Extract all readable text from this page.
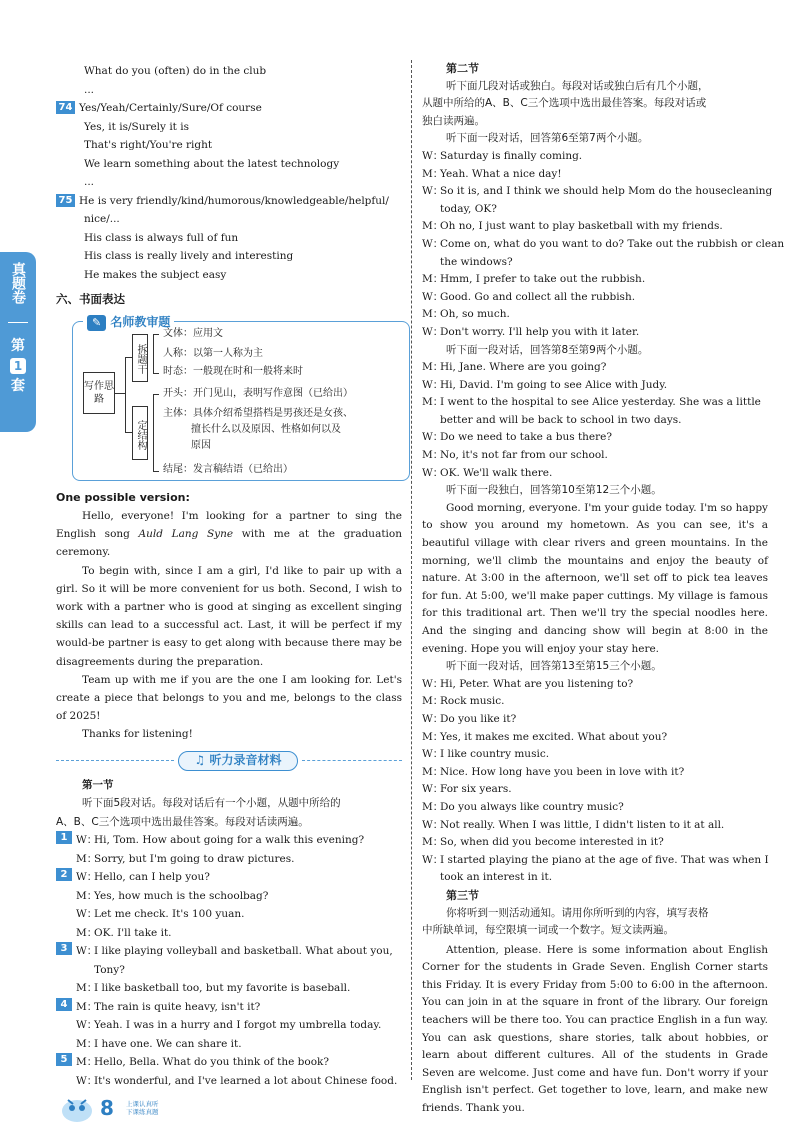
真题卷
第
1
套
What do you (often) do in the club
...
74 Yes/Yeah/Certainly/Sure/Of course
Yes, it is/Surely it is
That's right/You're right
We learn something about the latest technology
...
75 He is very friendly/kind/humorous/knowledgeable/helpful/
nice/...
His class is always full of fun
His class is really lively and interesting
He makes the subject easy
六、书面表达
✎ 名师教审题
写作思路
拆题干
定结构
文体：应用文
人称：以第一人称为主
时态：一般现在时和一般将来时
开头：开门见山，表明写作意图（已给出）
主体：具体介绍希望搭档是男孩还是女孩、
擅长什么以及原因、性格如何以及
原因
结尾：发言稿结语（已给出）
One possible version:

Hello, everyone! I'm looking for a partner to sing the English song Auld Lang Syne with me at the graduation ceremony.

To begin with, since I am a girl, I'd like to pair up with a girl. So it will be more convenient for us both. Second, I wish to work with a partner who is good at singing as excellent singing skills can lead to a successful act. Last, it will be perfect if my would-be partner is easy to get along with because there may be disagreements during the preparation.

Team up with me if you are the one I am looking for. Let's create a piece that belongs to you and me, belongs to the class of 2025!

Thanks for listening!

♫ 听力录音材料
第一节
听下面5段对话。每段对话后有一个小题，从题中所给的
A、B、C三个选项中选出最佳答案。每段对话读两遍。
1 W：
Hi, Tom. How about going for a walk this evening?
M：
Sorry, but I'm going to draw pictures.
2 W：
Hello, can I help you?
M：
Yes, how much is the schoolbag?
W：
Let me check. It's 100 yuan.
M：
OK. I'll take it.
3 W：
I like playing volleyball and basketball. What about you,
Tony?
M：
I like basketball too, but my favorite is baseball.
4 M：
The rain is quite heavy, isn't it?
W：
Yeah. I was in a hurry and I forgot my umbrella today.
M：
I have one. We can share it.
5 M：
Hello, Bella. What do you think of the book?
W：
It's wonderful, and I've learned a lot about Chinese food.
第二节
听下面几段对话或独白。每段对话或独白后有几个小题，
从题中所给的A、B、C三个选项中选出最佳答案。每段对话或
独白读两遍。
听下面一段对话，回答第6至第7两个小题。
W：
Saturday is finally coming.
M：
Yeah. What a nice day!
W：
So it is, and I think we should help Mom do the housecleaning
today, OK?
M：
Oh no, I just want to play basketball with my friends.
W：
Come on, what do you want to do? Take out the rubbish or clean
the windows?
M：
Hmm, I prefer to take out the rubbish.
W：
Good. Go and collect all the rubbish.
M：
Oh, so much.
W：
Don't worry. I'll help you with it later.
听下面一段对话，回答第8至第9两个小题。
M：
Hi, Jane. Where are you going?
W：
Hi, David. I'm going to see Alice with Judy.
M：
I went to the hospital to see Alice yesterday. She was a little
better and will be back to school in two days.
W：
Do we need to take a bus there?
M：
No, it's not far from our school.
W：
OK. We'll walk there.
听下面一段独白，回答第10至第12三个小题。
Good morning, everyone. I'm your guide today. I'm so happy to show you around my hometown. As you can see, it's a beautiful village with clear rivers and green mountains. In the morning, we'll climb the mountains and enjoy the beauty of nature. At 3:00 in the afternoon, we'll set off to pick tea leaves for fun. At 5:00, we'll make paper cuttings. My village is famous for this traditional art. Then we'll try the special noodles here. And the singing and dancing show will begin at 8:00 in the evening. Hope you will enjoy your stay here.
听下面一段对话，回答第13至第15三个小题。
W：
Hi, Peter. What are you listening to?
M：
Rock music.
W：
Do you like it?
M：
Yes, it makes me excited. What about you?
W：
I like country music.
M：
Nice. How long have you been in love with it?
W：
For six years.
M：
Do you always like country music?
W：
Not really. When I was little, I didn't listen to it at all.
M：
So, when did you become interested in it?
W：
I started playing the piano at the age of five. That was when I
took an interest in it.
第三节
你将听到一则活动通知。请用你所听到的内容，填写表格
中所缺单词，每空限填一词或一个数字。短文读两遍。
Attention, please. Here is some information about English Corner for the students in Grade Seven. English Corner starts this Friday. It is every Friday from 5:00 to 6:00 in the afternoon. You can join in at the square in front of the library. Our foreign teachers will be there too. You can practice English in a fun way. You can ask questions, share stories, talk about hobbies, or learn about different cultures. All of the students in Grade Seven are welcome. Just come and have fun. Don't worry if your English isn't perfect. Get together to love, learn, and make new friends. Thank you.
8 上课认真听
下课练真题
